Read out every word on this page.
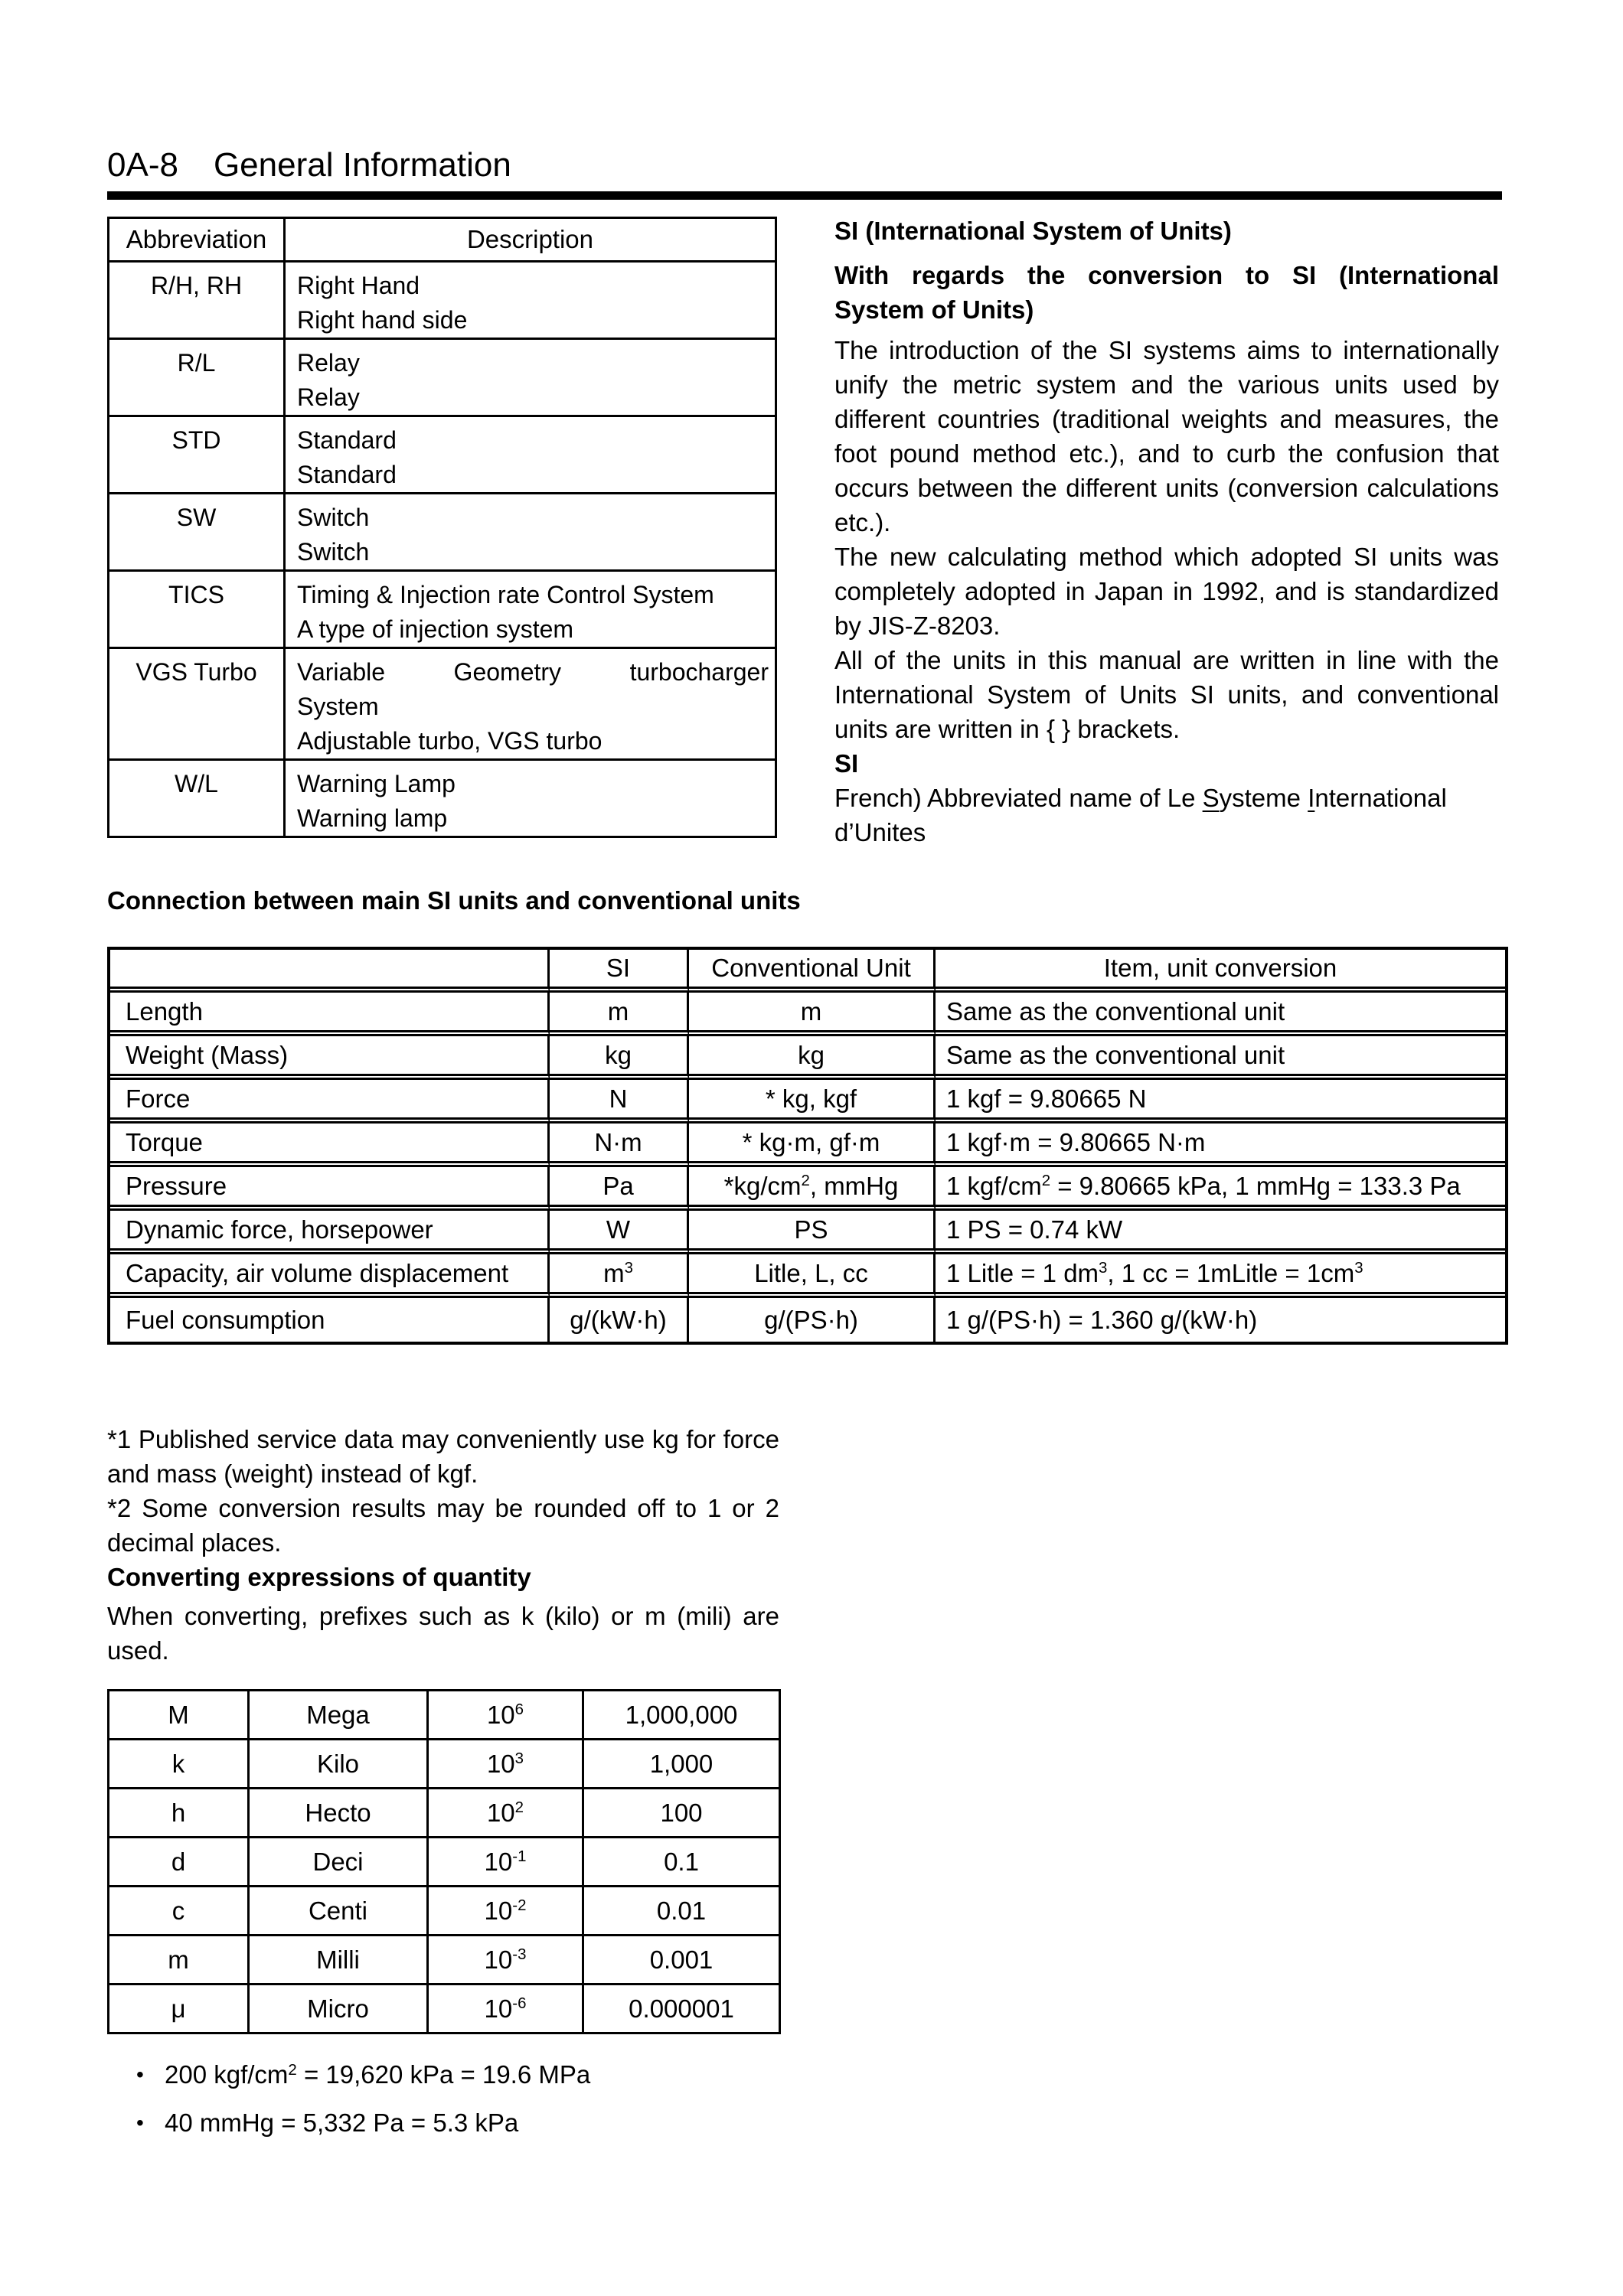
0A-8 General Information
Abbreviation	Description
R/H, RH	Right Hand
Right hand side

R/L	Relay
Relay

STD	Standard
Standard

SW	Switch
Switch

TICS	Timing & Injection rate Control System
A type of injection system

VGS Turbo	Variable Geometry turbocharger
System
Adjustable turbo, VGS turbo

W/L	Warning Lamp
Warning lamp
SI (International System of Units)
With regards the conversion to SI (International
System of Units)

The introduction of the SI systems aims to internationally unify the metric system and the various units used by different countries (traditional weights and measures, the foot pound method etc.), and to curb the confusion that occurs between the different units (conversion calculations etc.).

The new calculating method which adopted SI units was completely adopted in Japan in 1992, and is standardized by JIS-Z-8203.

All of the units in this manual are written in line with the International System of Units SI units, and conventional units are written in { } brackets.

SI

French) Abbreviated name of Le Systeme International d’Unites

Connection between main SI units and conventional units
	SI	Conventional Unit	Item, unit conversion
Length	m	m	Same as the conventional unit
Weight (Mass)	kg	kg	Same as the conventional unit
Force	N	* kg, kgf	1 kgf = 9.80665 N
Torque	N·m	* kg·m, gf·m	1 kgf·m = 9.80665 N·m
Pressure	Pa	$*kg/cm^2$, mmHg	1 kgf/$cm^2 = 9.80665$ kPa, 1 mmHg = 133.3 Pa
Dynamic force, horsepower	W	PS	1 PS = 0.74 kW
Capacity, air volume displacement	$m^3$	Litle, L, cc	1 Litle = 1 $dm^3$, 1 cc = 1mLitle = $1cm^3$
Fuel consumption	g/(kW·h)	g/(PS·h)	1 g/(PS·h) = 1.360 g/(kW·h)

*1 Published service data may conveniently use kg for force and mass (weight) instead of kgf.

*2 Some conversion results may be rounded off to 1 or 2 decimal places.

Converting expressions of quantity
When converting, prefixes such as k (kilo) or m (mili) are used.
M	Mega	$10^6$	1,000,000
k	Kilo	$10^3$	1,000
h	Hecto	$10^2$	100
d	Deci	$10^{-1}$	0.1
c	Centi	$10^{-2}$	0.01
m	Milli	$10^{-3}$	0.001
μ	Micro	$10^{-6}$	0.000001
• 200 kgf/$cm^2 = 19,620$ kPa = 19.6 MPa
• 40 mmHg = 5,332 Pa = 5.3 kPa
